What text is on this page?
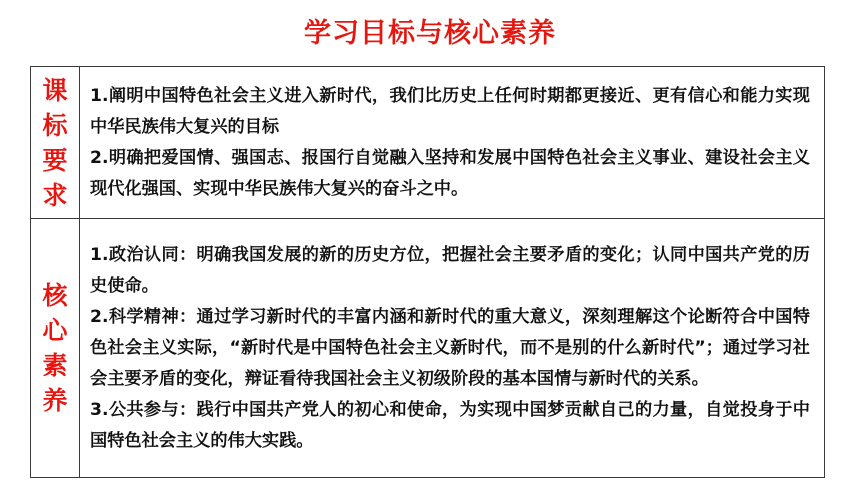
学习目标与核心素养
课标要求	1.阐明中国特色社会主义进入新时代，我们比历史上任何时期都更接近、更有信心和能力实现中华民族伟大复兴的目标

2.明确把爱国情、强国志、报国行自觉融入坚持和发展中国特色社会主义事业、建设社会主义现代化强国、实现中华民族伟大复兴的奋斗之中。

核心素养	1.政治认同：明确我国发展的新的历史方位，把握社会主要矛盾的变化；认同中国共产党的历史使命。

2.科学精神：通过学习新时代的丰富内涵和新时代的重大意义，深刻理解这个论断符合中国特色社会主义实际，“新时代是中国特色社会主义新时代，而不是别的什么新时代”；通过学习社会主要矛盾的变化，辩证看待我国社会主义初级阶段的基本国情与新时代的关系。

3.公共参与：践行中国共产党人的初心和使命，为实现中国梦贡献自己的力量，自觉投身于中国特色社会主义的伟大实践。
